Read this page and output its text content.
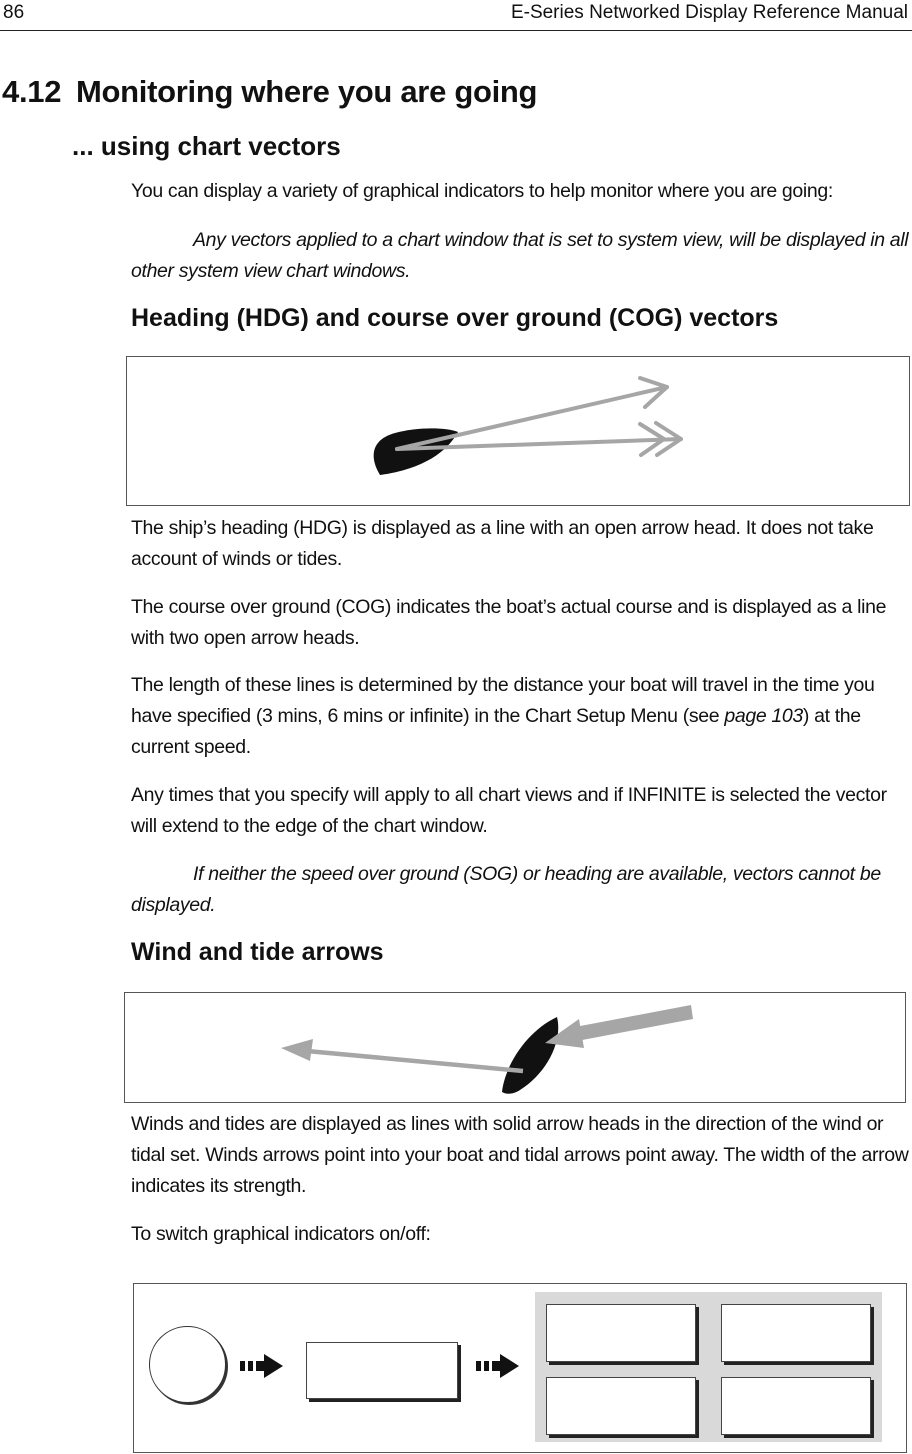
86	E-Series Networked Display Reference Manual
4.12 Monitoring where you are going
... using chart vectors
You can display a variety of graphical indicators to help monitor where you are going:
Any vectors applied to a chart window that is set to system view, will be displayed in all other system view chart windows.
Heading (HDG) and course over ground (COG) vectors
The ship’s heading (HDG) is displayed as a line with an open arrow head. It does not take account of winds or tides.
The course over ground (COG) indicates the boat’s actual course and is displayed as a line with two open arrow heads.
The length of these lines is determined by the distance your boat will travel in the time you have specified (3 mins, 6 mins or infinite) in the Chart Setup Menu (see page 103) at the current speed.
Any times that you specify will apply to all chart views and if INFINITE is selected the vector will extend to the edge of the chart window.
If neither the speed over ground (SOG) or heading are available, vectors cannot be displayed.
Wind and tide arrows
Winds and tides are displayed as lines with solid arrow heads in the direction of the wind or tidal set. Winds arrows point into your boat and tidal arrows point away. The width of the arrow indicates its strength.
To switch graphical indicators on/off:
